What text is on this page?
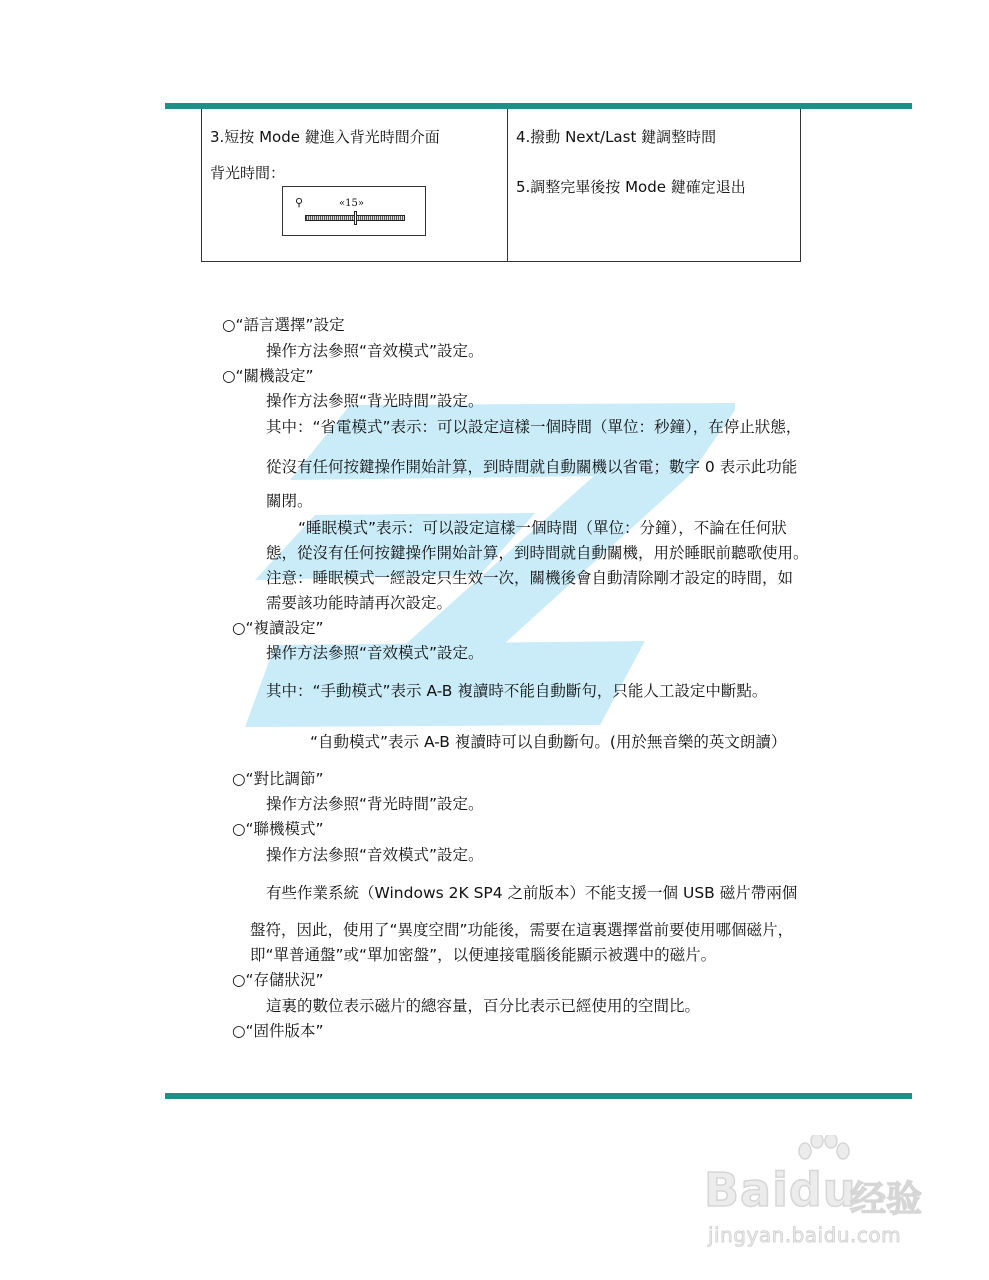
3.短按 Mode 鍵進入背光時間介面
背光時間：
⚲	«15»
4.撥動 Next/Last 鍵調整時間
5.調整完畢後按 Mode 鍵確定退出
○“語言選擇”設定
操作方法參照“音效模式”設定。
○“關機設定”
操作方法參照“背光時間”設定。
其中：“省電模式”表示：可以設定這樣一個時間（單位：秒鐘），在停止狀態，
從沒有任何按鍵操作開始計算，到時間就自動關機以省電；數字 0 表示此功能
關閉。
“睡眠模式”表示：可以設定這樣一個時間（單位：分鐘），不論在任何狀
態，從沒有任何按鍵操作開始計算，到時間就自動關機，用於睡眠前聽歌使用。
注意：睡眠模式一經設定只生效一次，關機後會自動清除剛才設定的時間，如
需要該功能時請再次設定。
○“複讀設定”
操作方法參照“音效模式”設定。
其中：“手動模式”表示 A-B 複讀時不能自動斷句，只能人工設定中斷點。
“自動模式”表示 A-B 複讀時可以自動斷句。(用於無音樂的英文朗讀）
○“對比調節”
操作方法參照“背光時間”設定。
○“聯機模式”
操作方法參照“音效模式”設定。
有些作業系統（Windows 2K SP4 之前版本）不能支援一個 USB 磁片帶兩個
盤符，因此，使用了“異度空間”功能後，需要在這裏選擇當前要使用哪個磁片，
即“單普通盤”或“單加密盤”，以便連接電腦後能顯示被選中的磁片。
○“存儲狀況”
這裏的數位表示磁片的總容量，百分比表示已經使用的空間比。
○“固件版本”
Baidu
经验
jingyan.baidu.com
